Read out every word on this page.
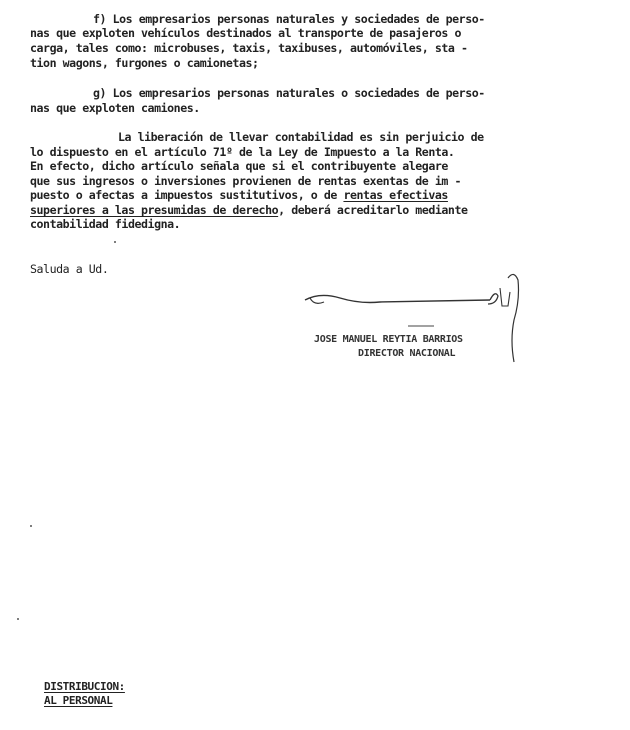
f) Los empresarios personas naturales y sociedades de perso-
nas que exploten vehículos destinados al transporte de pasajeros o
carga, tales como: microbuses, taxis, taxibuses, automóviles, sta -
tion wagons, furgones o camionetas;
g) Los empresarios personas naturales o sociedades de perso-
nas que exploten camiones.
La liberación de llevar contabilidad es sin perjuicio de
lo dispuesto en el artículo 71º de la Ley de Impuesto a la Renta.
En efecto, dicho artículo señala que si el contribuyente alegare
que sus ingresos o inversiones provienen de rentas exentas de im -
puesto o afectas a impuestos sustitutivos, o de rentas efectivas
superiores a las presumidas de derecho, deberá acreditarlo mediante
contabilidad fidedigna.
Saluda a Ud.
JOSE MANUEL REYTIA BARRIOS
DIRECTOR NACIONAL
DISTRIBUCION:
AL PERSONAL
